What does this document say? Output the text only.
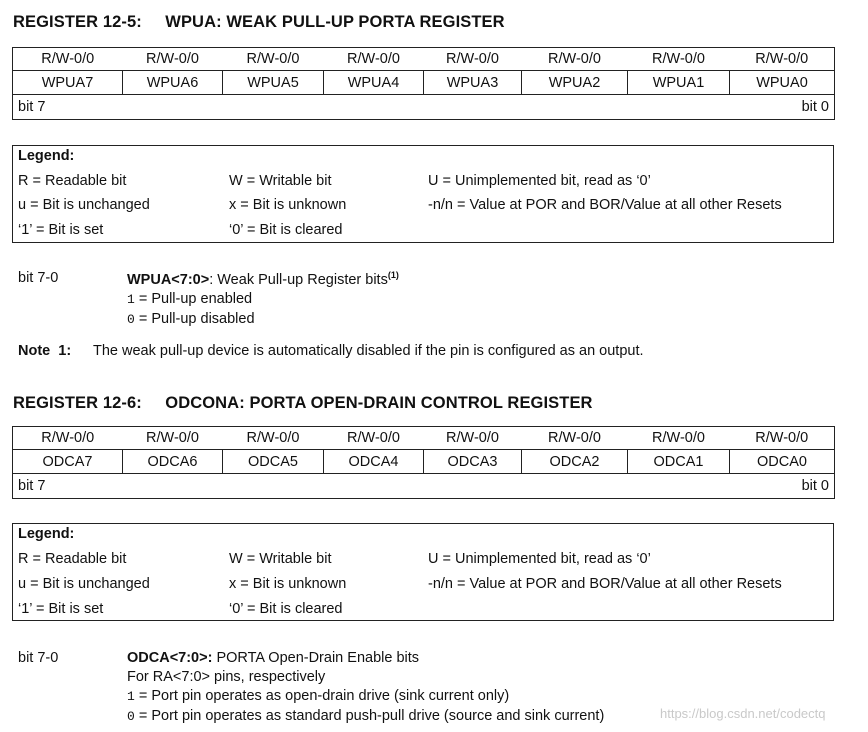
REGISTER 12-5:     WPUA: WEAK PULL-UP PORTA REGISTER
R/W-0/0	R/W-0/0	R/W-0/0	R/W-0/0	R/W-0/0	R/W-0/0	R/W-0/0	R/W-0/0
WPUA7	WPUA6	WPUA5	WPUA4	WPUA3	WPUA2	WPUA1	WPUA0
bit 7 bit 0							
Legend:
R = Readable bit	W = Writable bit	U = Unimplemented bit, read as ‘0’
u = Bit is unchanged	x = Bit is unknown	-n/n = Value at POR and BOR/Value at all other Resets
‘1’ = Bit is set	‘0’ = Bit is cleared
bit 7-0	WPUA<7:0>: Weak Pull-up Register bits$^{(1)}$
1 = Pull-up enabled
0 = Pull-up disabled
Note  1: The weak pull-up device is automatically disabled if the pin is configured as an output.
REGISTER 12-6:     ODCONA: PORTA OPEN-DRAIN CONTROL REGISTER
R/W-0/0	R/W-0/0	R/W-0/0	R/W-0/0	R/W-0/0	R/W-0/0	R/W-0/0	R/W-0/0
ODCA7	ODCA6	ODCA5	ODCA4	ODCA3	ODCA2	ODCA1	ODCA0
bit 7 bit 0							
Legend:
R = Readable bit	W = Writable bit	U = Unimplemented bit, read as ‘0’
u = Bit is unchanged	x = Bit is unknown	-n/n = Value at POR and BOR/Value at all other Resets
‘1’ = Bit is set	‘0’ = Bit is cleared
bit 7-0	ODCA<7:0>: PORTA Open-Drain Enable bits
For RA<7:0> pins, respectively
1 = Port pin operates as open-drain drive (sink current only)
0 = Port pin operates as standard push-pull drive (source and sink current)	https://blog.csdn.net/codectq
